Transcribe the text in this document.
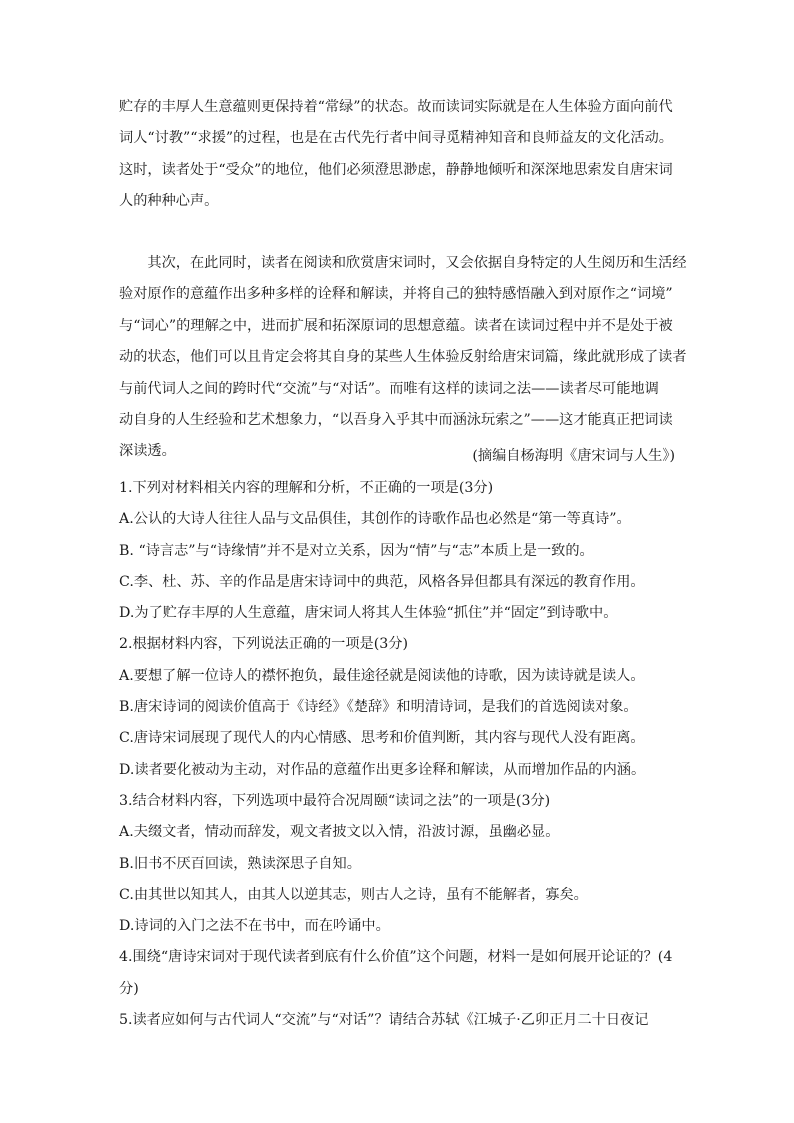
贮存的丰厚人生意蕴则更保持着“常绿”的状态。故而读词实际就是在人生体验方面向前代
词人“讨教”“求援”的过程，也是在古代先行者中间寻觅精神知音和良师益友的文化活动。
这时，读者处于“受众”的地位，他们必须澄思渺虑，静静地倾听和深深地思索发自唐宋词
人的种种心声。

其次，在此同时，读者在阅读和欣赏唐宋词时，又会依据自身特定的人生阅历和生活经
验对原作的意蕴作出多种多样的诠释和解读，并将自己的独特感悟融入到对原作之“词境”
与“词心”的理解之中，进而扩展和拓深原词的思想意蕴。读者在读词过程中并不是处于被
动的状态，他们可以且肯定会将其自身的某些人生体验反射给唐宋词篇，缘此就形成了读者
与前代词人之间的跨时代“交流”与“对话”。而唯有这样的读词之法——读者尽可能地调
动自身的人生经验和艺术想象力，“以吾身入乎其中而涵泳玩索之”——这才能真正把词读
深读透。	(摘编自杨海明《唐宋词与人生》)

1.下列对材料相关内容的理解和分析，不正确的一项是(3分)
A.公认的大诗人往往人品与文品俱佳，其创作的诗歌作品也必然是“第一等真诗”。
B. “诗言志”与“诗缘情”并不是对立关系，因为“情”与“志”本质上是一致的。
C.李、杜、苏、辛的作品是唐宋诗词中的典范，风格各异但都具有深远的教育作用。
D.为了贮存丰厚的人生意蕴，唐宋词人将其人生体验“抓住”并“固定”到诗歌中。
2.根据材料内容，下列说法正确的一项是(3分)
A.要想了解一位诗人的襟怀抱负，最佳途径就是阅读他的诗歌，因为读诗就是读人。
B.唐宋诗词的阅读价值高于《诗经》《楚辞》和明清诗词，是我们的首选阅读对象。
C.唐诗宋词展现了现代人的内心情感、思考和价值判断，其内容与现代人没有距离。
D.读者要化被动为主动，对作品的意蕴作出更多诠释和解读，从而增加作品的内涵。
3.结合材料内容，下列选项中最符合况周颐“读词之法”的一项是(3分)
A.夫缀文者，情动而辞发，观文者披文以入情，沿波讨源，虽幽必显。
B.旧书不厌百回读，熟读深思子自知。
C.由其世以知其人，由其人以逆其志，则古人之诗，虽有不能解者，寡矣。
D.诗词的入门之法不在书中，而在吟诵中。
4.围绕“唐诗宋词对于现代读者到底有什么价值”这个问题，材料一是如何展开论证的？(4
分)
5.读者应如何与古代词人“交流”与“对话”？请结合苏轼《江城子·乙卯正月二十日夜记
